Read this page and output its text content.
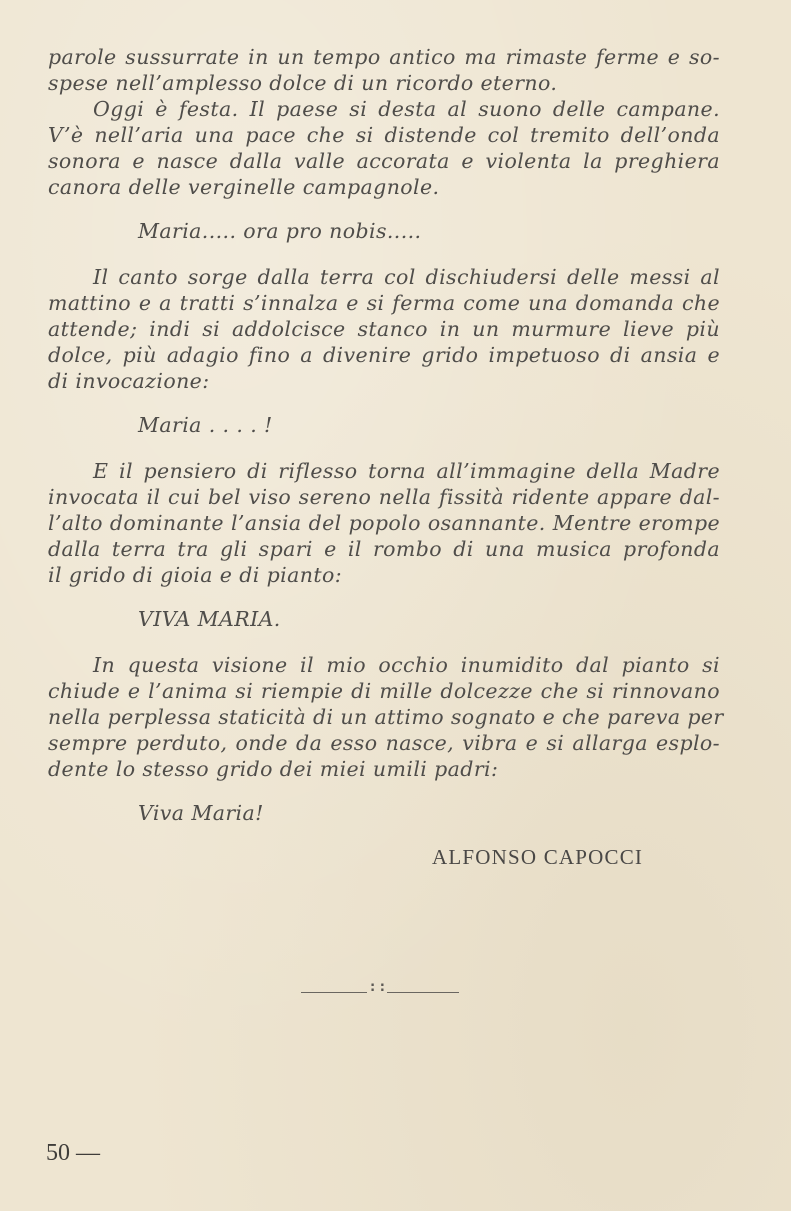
parole sussurrate in un tempo antico ma rimaste ferme e so-
spese nell’amplesso dolce di un ricordo eterno.

Oggi è festa. Il paese si desta al suono delle campane.
V’è nell’aria una pace che si distende col tremito dell’onda
sonora e nasce dalla valle accorata e violenta la preghiera
canora delle verginelle campagnole.

Maria..... ora pro nobis.....

Il canto sorge dalla terra col dischiudersi delle messi al
mattino e a tratti s’innalza e si ferma come una domanda che
attende; indi si addolcisce stanco in un murmure lieve più
dolce, più adagio fino a divenire grido impetuoso di ansia e
di invocazione:

Maria . . . . !

E il pensiero di riflesso torna all’immagine della Madre
invocata il cui bel viso sereno nella fissità ridente appare dal-
l’alto dominante l’ansia del popolo osannante. Mentre erompe
dalla terra tra gli spari e il rombo di una musica profonda
il grido di gioia e di pianto:

VIVA MARIA.

In questa visione il mio occhio inumidito dal pianto si
chiude e l’anima si riempie di mille dolcezze che si rinnovano
nella perplessa staticità di un attimo sognato e che pareva per
sempre perduto, onde da esso nasce, vibra e si allarga esplo-
dente lo stesso grido dei miei umili padri:

Viva Maria!
ALFONSO CAPOCCI
: :
50 —
